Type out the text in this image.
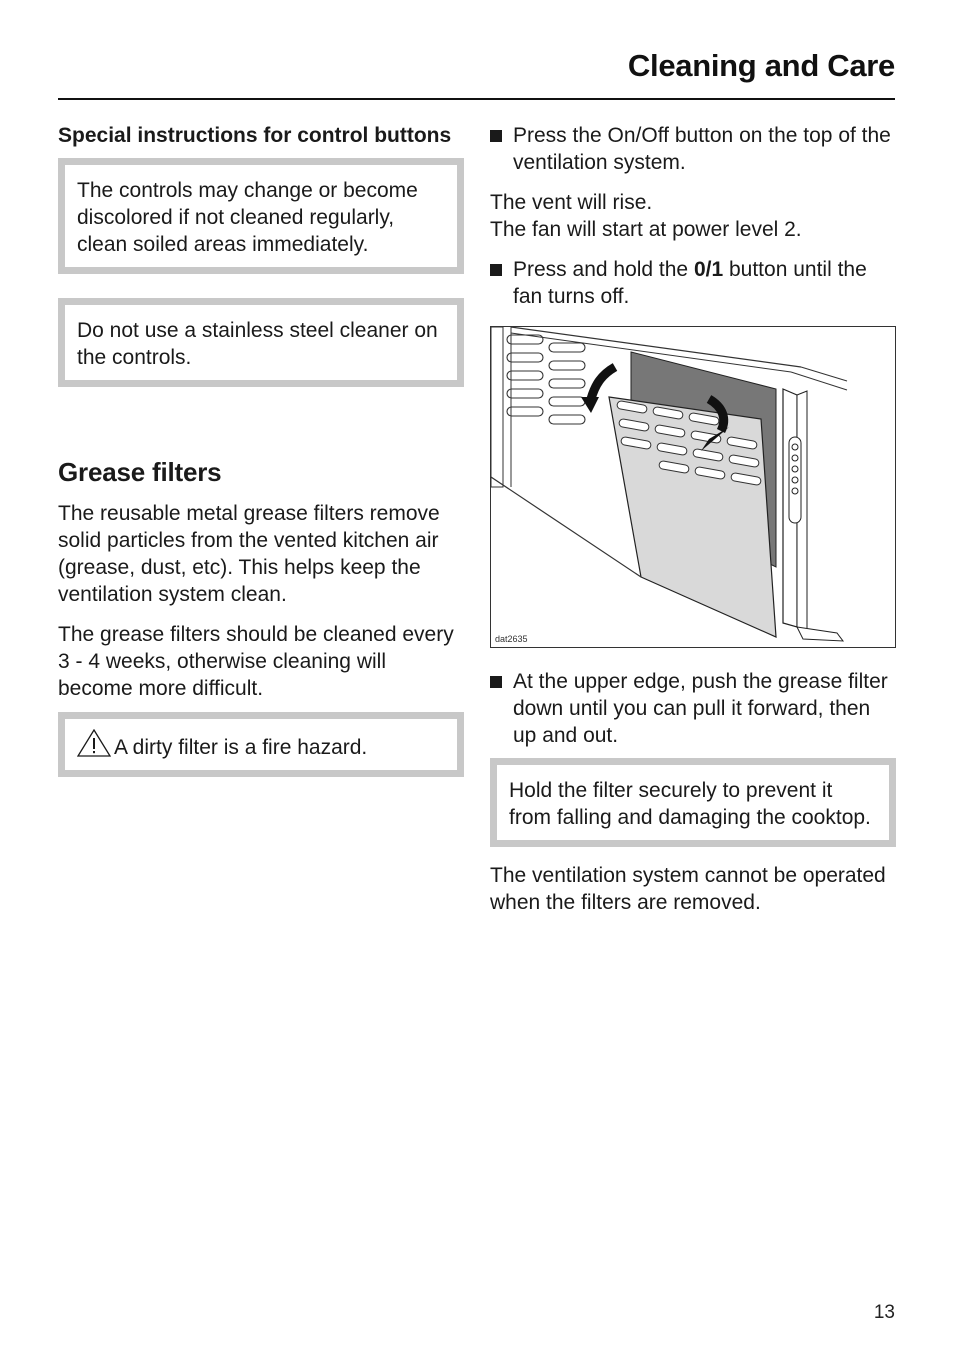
Cleaning and Care

Special instructions for control buttons

The controls may change or become discolored if not cleaned regularly, clean soiled areas immediately.
Do not use a stainless steel cleaner on the controls.
Grease filters

The reusable metal grease filters remove solid particles from the vented kitchen air (grease, dust, etc). This helps keep the ventilation system clean.

The grease filters should be cleaned every 3 - 4 weeks, otherwise cleaning will become more difficult.

A dirty filter is a fire hazard.
Press the On/Off button on the top of the ventilation system.

The vent will rise.
The fan will start at power level 2.

Press and hold the 0/1 button until the fan turns off.
dat2635
At the upper edge, push the grease filter down until you can pull it forward, then up and out.
Hold the filter securely to prevent it from falling and damaging the cooktop.

The ventilation system cannot be operated when the filters are removed.

13
